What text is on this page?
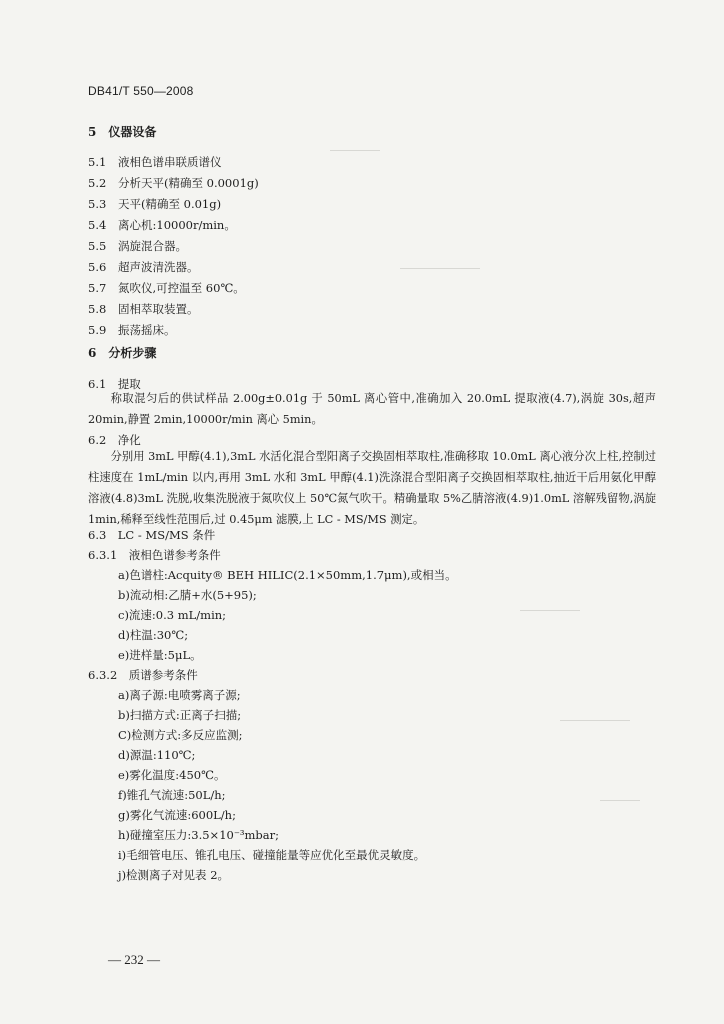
DB41/T 550—2008
5　仪器设备
5.1 液相色谱串联质谱仪
5.2 分析天平(精确至 0.0001g)
5.3 天平(精确至 0.01g)
5.4 离心机:10000r/min。
5.5 涡旋混合器。
5.6 超声波清洗器。
5.7 氮吹仪,可控温至 60℃。
5.8 固相萃取装置。
5.9 振荡摇床。
6　分析步骤
6.1　提取

称取混匀后的供试样品 2.00g±0.01g 于 50mL 离心管中,准确加入 20.0mL 提取液(4.7),涡旋 30s,超声 20min,静置 2min,10000r/min 离心 5min。

6.2　净化

分别用 3mL 甲醇(4.1),3mL 水活化混合型阳离子交换固相萃取柱,准确移取 10.0mL 离心液分次上柱,控制过柱速度在 1mL/min 以内,再用 3mL 水和 3mL 甲醇(4.1)洗涤混合型阳离子交换固相萃取柱,抽近干后用氨化甲醇溶液(4.8)3mL 洗脱,收集洗脱液于氮吹仪上 50℃氮气吹干。精确量取 5%乙腈溶液(4.9)1.0mL 溶解残留物,涡旋 1min,稀释至线性范围后,过 0.45μm 滤膜,上 LC - MS/MS 测定。

6.3　LC - MS/MS 条件
6.3.1　液相色谱参考条件
a)色谱柱:Acquity® BEH HILIC(2.1×50mm,1.7μm),或相当。
b)流动相:乙腈+水(5+95);
c)流速:0.3 mL/min;
d)柱温:30℃;
e)进样量:5μL。
6.3.2　质谱参考条件
a)离子源:电喷雾离子源;
b)扫描方式:正离子扫描;
C)检测方式:多反应监测;
d)源温:110℃;
e)雾化温度:450℃。
f)锥孔气流速:50L/h;
g)雾化气流速:600L/h;
h)碰撞室压力:3.5×10⁻³mbar;
i)毛细管电压、锥孔电压、碰撞能量等应优化至最优灵敏度。
j)检测离子对见表 2。
— 232 —
